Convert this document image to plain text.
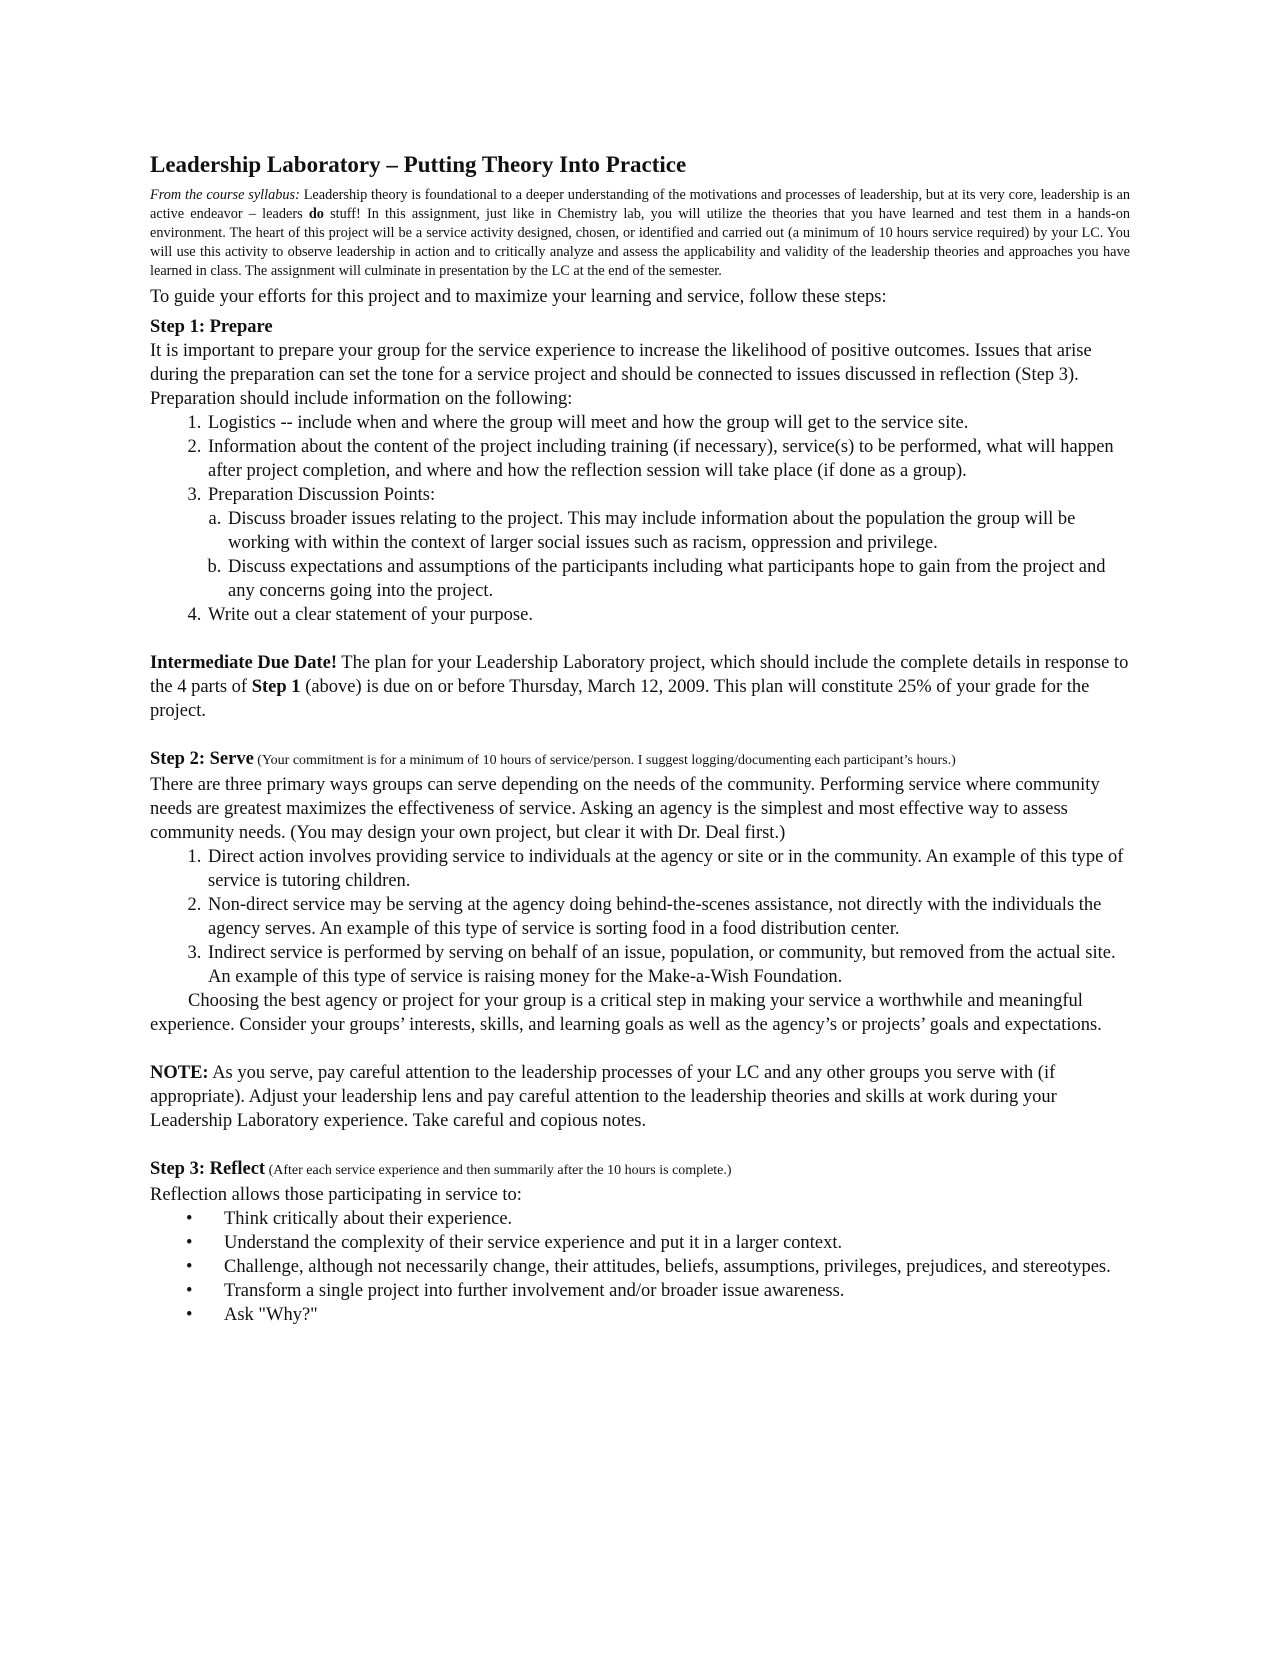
Leadership Laboratory – Putting Theory Into Practice

From the course syllabus: Leadership theory is foundational to a deeper understanding of the motivations and processes of leadership, but at its very core, leadership is an active endeavor – leaders do stuff! In this assignment, just like in Chemistry lab, you will utilize the theories that you have learned and test them in a hands-on environment. The heart of this project will be a service activity designed, chosen, or identified and carried out (a minimum of 10 hours service required) by your LC. You will use this activity to observe leadership in action and to critically analyze and assess the applicability and validity of the leadership theories and approaches you have learned in class. The assignment will culminate in presentation by the LC at the end of the semester.

To guide your efforts for this project and to maximize your learning and service, follow these steps:

Step 1: Prepare

It is important to prepare your group for the service experience to increase the likelihood of positive outcomes. Issues that arise during the preparation can set the tone for a service project and should be connected to issues discussed in reflection (Step 3). Preparation should include information on the following:

1. Logistics -- include when and where the group will meet and how the group will get to the service site.
2. Information about the content of the project including training (if necessary), service(s) to be performed, what will happen after project completion, and where and how the reflection session will take place (if done as a group).
3. Preparation Discussion Points:
a. Discuss broader issues relating to the project. This may include information about the population the group will be working with within the context of larger social issues such as racism, oppression and privilege.
b. Discuss expectations and assumptions of the participants including what participants hope to gain from the project and any concerns going into the project.
4. Write out a clear statement of your purpose.

Intermediate Due Date! The plan for your Leadership Laboratory project, which should include the complete details in response to the 4 parts of Step 1 (above) is due on or before Thursday, March 12, 2009. This plan will constitute 25% of your grade for the project.

Step 2: Serve (Your commitment is for a minimum of 10 hours of service/person. I suggest logging/documenting each participant’s hours.)

There are three primary ways groups can serve depending on the needs of the community. Performing service where community needs are greatest maximizes the effectiveness of service. Asking an agency is the simplest and most effective way to assess community needs. (You may design your own project, but clear it with Dr. Deal first.)

1. Direct action involves providing service to individuals at the agency or site or in the community. An example of this type of service is tutoring children.
2. Non-direct service may be serving at the agency doing behind-the-scenes assistance, not directly with the individuals the agency serves. An example of this type of service is sorting food in a food distribution center.
3. Indirect service is performed by serving on behalf of an issue, population, or community, but removed from the actual site. An example of this type of service is raising money for the Make-a-Wish Foundation.

Choosing the best agency or project for your group is a critical step in making your service a worthwhile and meaningful experience. Consider your groups’ interests, skills, and learning goals as well as the agency’s or projects’ goals and expectations.

NOTE: As you serve, pay careful attention to the leadership processes of your LC and any other groups you serve with (if appropriate). Adjust your leadership lens and pay careful attention to the leadership theories and skills at work during your Leadership Laboratory experience. Take careful and copious notes.

Step 3: Reflect (After each service experience and then summarily after the 10 hours is complete.)

Reflection allows those participating in service to:

• Think critically about their experience.
• Understand the complexity of their service experience and put it in a larger context.
• Challenge, although not necessarily change, their attitudes, beliefs, assumptions, privileges, prejudices, and stereotypes.
• Transform a single project into further involvement and/or broader issue awareness.
• Ask "Why?"
